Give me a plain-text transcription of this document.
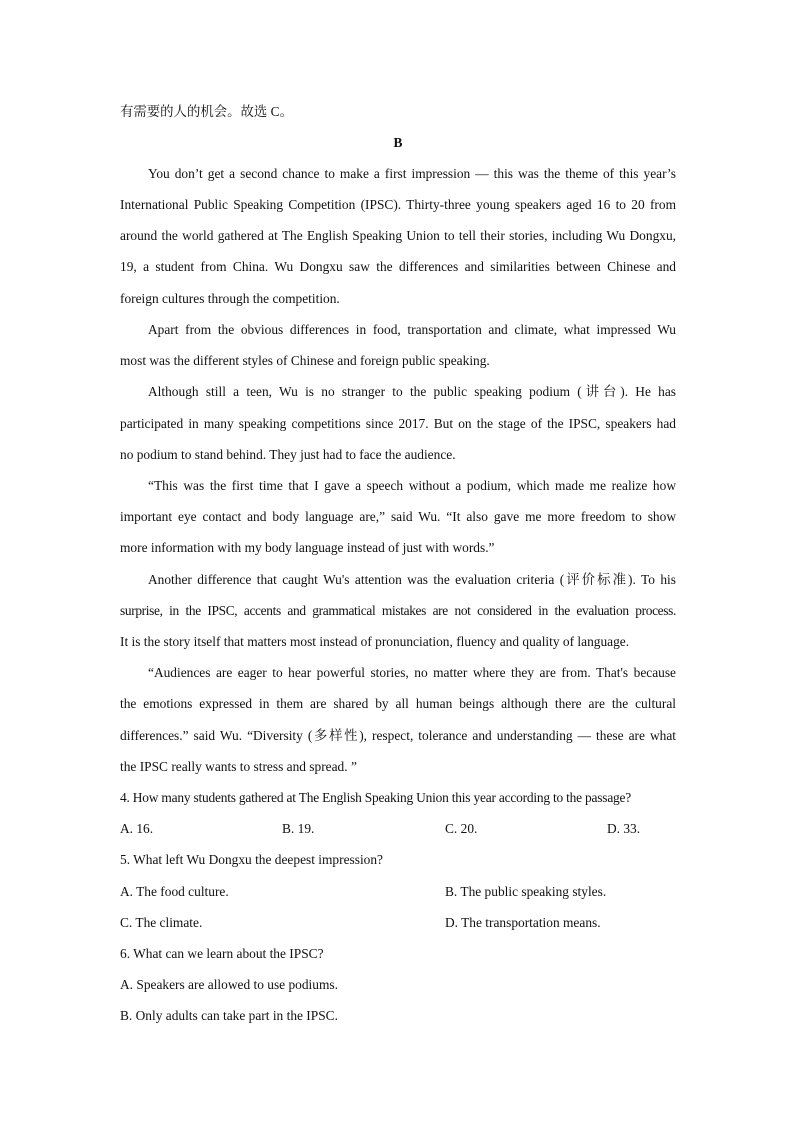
有需要的人的机会。故选 C。
B
You don’t get a second chance to make a first impression — this was the theme of this year’s
International Public Speaking Competition (IPSC). Thirty-three young speakers aged 16 to 20 from
around the world gathered at The English Speaking Union to tell their stories, including Wu Dongxu,
19, a student from China. Wu Dongxu saw the differences and similarities between Chinese and
foreign cultures through the competition.
Apart from the obvious differences in food, transportation and climate, what impressed Wu
most was the different styles of Chinese and foreign public speaking.
Although still a teen, Wu is no stranger to the public speaking podium (讲台). He has
participated in many speaking competitions since 2017. But on the stage of the IPSC, speakers had
no podium to stand behind. They just had to face the audience.
“This was the first time that I gave a speech without a podium, which made me realize how
important eye contact and body language are,” said Wu. “It also gave me more freedom to show
more information with my body language instead of just with words.”
Another difference that caught Wu's attention was the evaluation criteria (评价标准). To his
surprise, in the IPSC, accents and grammatical mistakes are not considered in the evaluation process.
It is the story itself that matters most instead of pronunciation, fluency and quality of language.
“Audiences are eager to hear powerful stories, no matter where they are from. That's because
the emotions expressed in them are shared by all human beings although there are the cultural
differences.” said Wu. “Diversity (多样性), respect, tolerance and understanding — these are what
the IPSC really wants to stress and spread. ”
4. How many students gathered at The English Speaking Union this year according to the passage?
A. 16.	B. 19.	C. 20.	D. 33.
5. What left Wu Dongxu the deepest impression?
A. The food culture.	B. The public speaking styles.
C. The climate.	D. The transportation means.
6. What can we learn about the IPSC?
A. Speakers are allowed to use podiums.
B. Only adults can take part in the IPSC.
